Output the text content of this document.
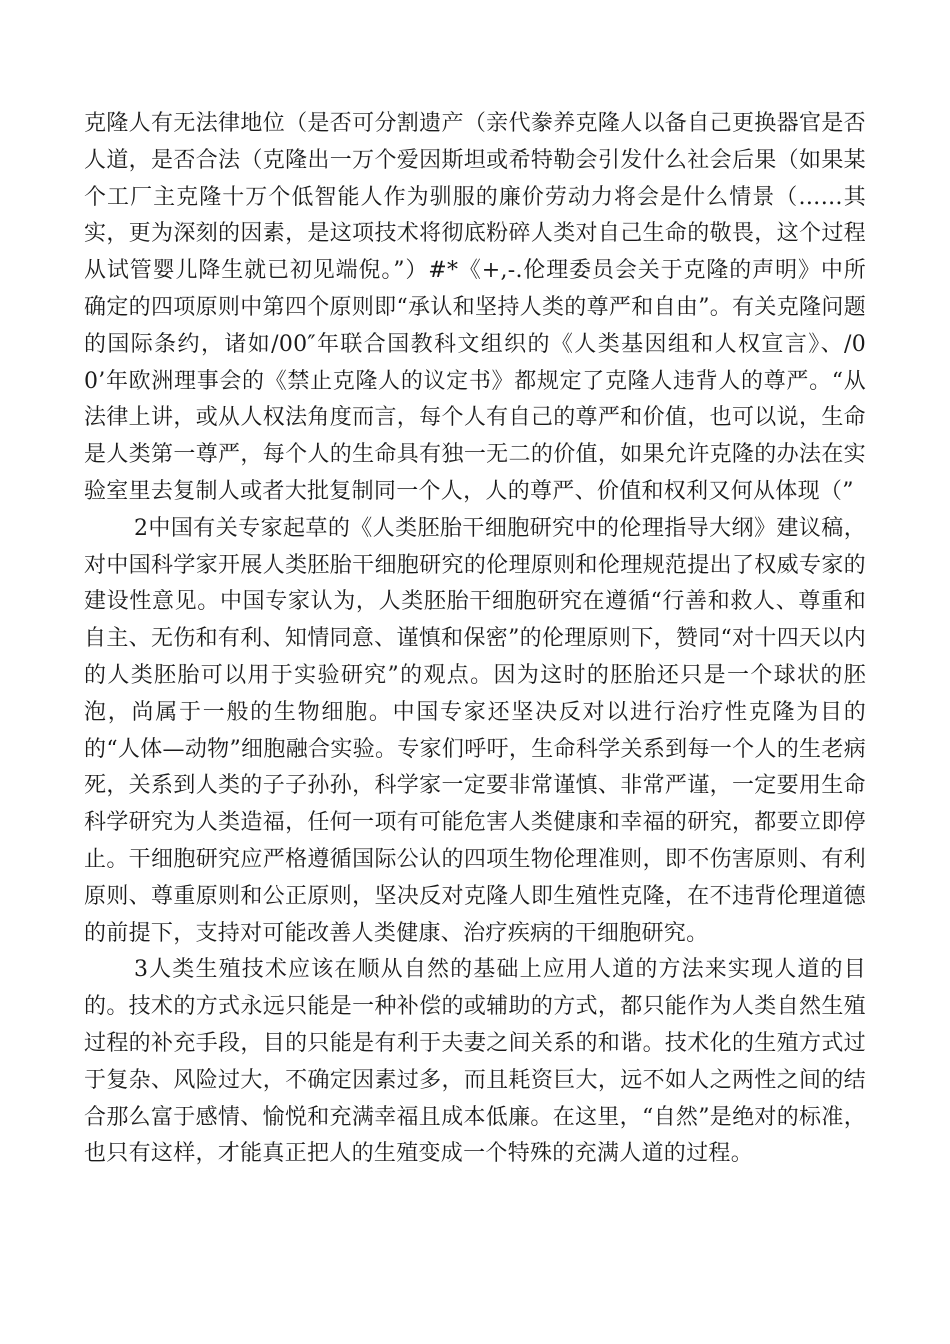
克隆人有无法律地位（是否可分割遗产（亲代豢养克隆人以备自己更换器官是否人道，是否合法（克隆出一万个爱因斯坦或希特勒会引发什么社会后果（如果某个工厂主克隆十万个低智能人作为驯服的廉价劳动力将会是什么情景（……其实，更为深刻的因素，是这项技术将彻底粉碎人类对自己生命的敬畏，这个过程从试管婴儿降生就已初见端倪。”）#*《+,-.伦理委员会关于克隆的声明》中所确定的四项原则中第四个原则即“承认和坚持人类的尊严和自由”。有关克隆问题的国际条约，诸如/00″年联合国教科文组织的《人类基因组和人权宣言》、/00’年欧洲理事会的《禁止克隆人的议定书》都规定了克隆人违背人的尊严。“从法律上讲，或从人权法角度而言，每个人有自己的尊严和价值，也可以说，生命是人类第一尊严，每个人的生命具有独一无二的价值，如果允许克隆的办法在实验室里去复制人或者大批复制同一个人，人的尊严、价值和权利又何从体现（”

2中国有关专家起草的《人类胚胎干细胞研究中的伦理指导大纲》建议稿，对中国科学家开展人类胚胎干细胞研究的伦理原则和伦理规范提出了权威专家的建设性意见。中国专家认为，人类胚胎干细胞研究在遵循“行善和救人、尊重和自主、无伤和有利、知情同意、谨慎和保密”的伦理原则下，赞同“对十四天以内的人类胚胎可以用于实验研究”的观点。因为这时的胚胎还只是一个球状的胚泡，尚属于一般的生物细胞。中国专家还坚决反对以进行治疗性克隆为目的的“人体—动物”细胞融合实验。专家们呼吁，生命科学关系到每一个人的生老病死，关系到人类的子子孙孙，科学家一定要非常谨慎、非常严谨，一定要用生命科学研究为人类造福，任何一项有可能危害人类健康和幸福的研究，都要立即停止。干细胞研究应严格遵循国际公认的四项生物伦理准则，即不伤害原则、有利原则、尊重原则和公正原则，坚决反对克隆人即生殖性克隆，在不违背伦理道德的前提下，支持对可能改善人类健康、治疗疾病的干细胞研究。

3人类生殖技术应该在顺从自然的基础上应用人道的方法来实现人道的目的。技术的方式永远只能是一种补偿的或辅助的方式，都只能作为人类自然生殖过程的补充手段，目的只能是有利于夫妻之间关系的和谐。技术化的生殖方式过于复杂、风险过大，不确定因素过多，而且耗资巨大，远不如人之两性之间的结合那么富于感情、愉悦和充满幸福且成本低廉。在这里，“自然”是绝对的标准，也只有这样，才能真正把人的生殖变成一个特殊的充满人道的过程。
